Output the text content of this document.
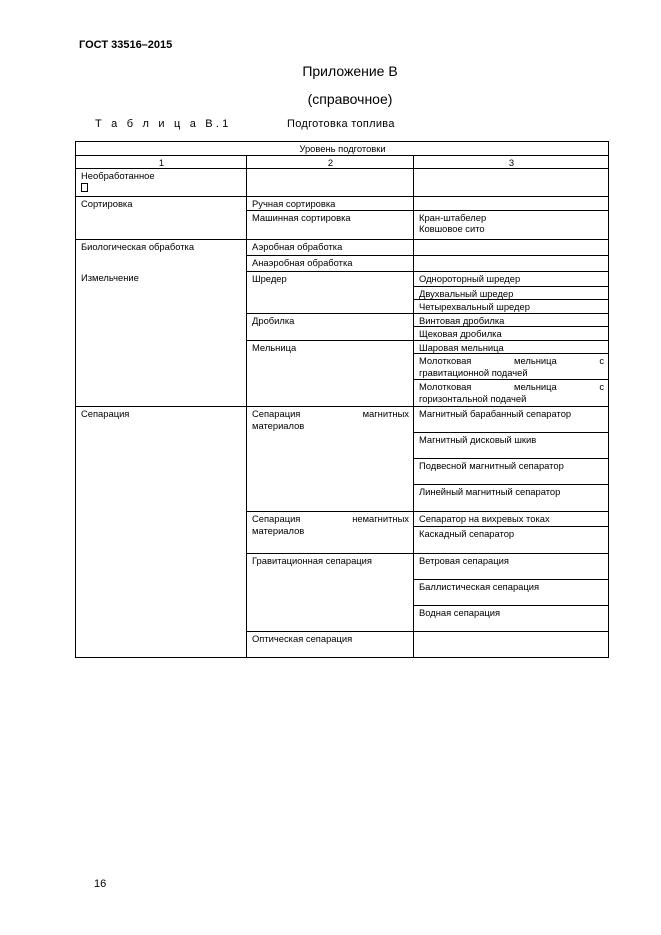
ГОСТ 33516–2015
Приложение В
(справочное)
Т а б л и ц а В.1	Подготовка топлива
Уровень подготовки		
1	2	3

Необработанное		

Сортировка	Ручная сортировка	
	Машинная сортировка	Кран-штабелер
Ковшовое сито

Биологическая обработка	Аэробная обработка	
	Анаэробная обработка	
Измельчение	Шредер	Однороторный шредер
		Двухвальный шредер
		Четырехвальный шредер
	Дробилка	Винтовая дробилка
		Щековая дробилка
	Мельница	Шаровая мельница

		Молотковая мельница с
гравитационной подачей

		Молотковая мельница с
горизонтальной подачей

Сепарация	Сепарация магнитных
материалов	Магнитный барабанный сепаратор
		Магнитный дисковый шкив
		Подвесной магнитный сепаратор
		Линейный магнитный сепаратор

	Сепарация немагнитных
материалов	Сепаратор на вихревых токах
		Каскадный сепаратор
	Гравитационная сепарация	Ветровая сепарация
		Баллистическая сепарация
		Водная сепарация
	Оптическая сепарация	
16
